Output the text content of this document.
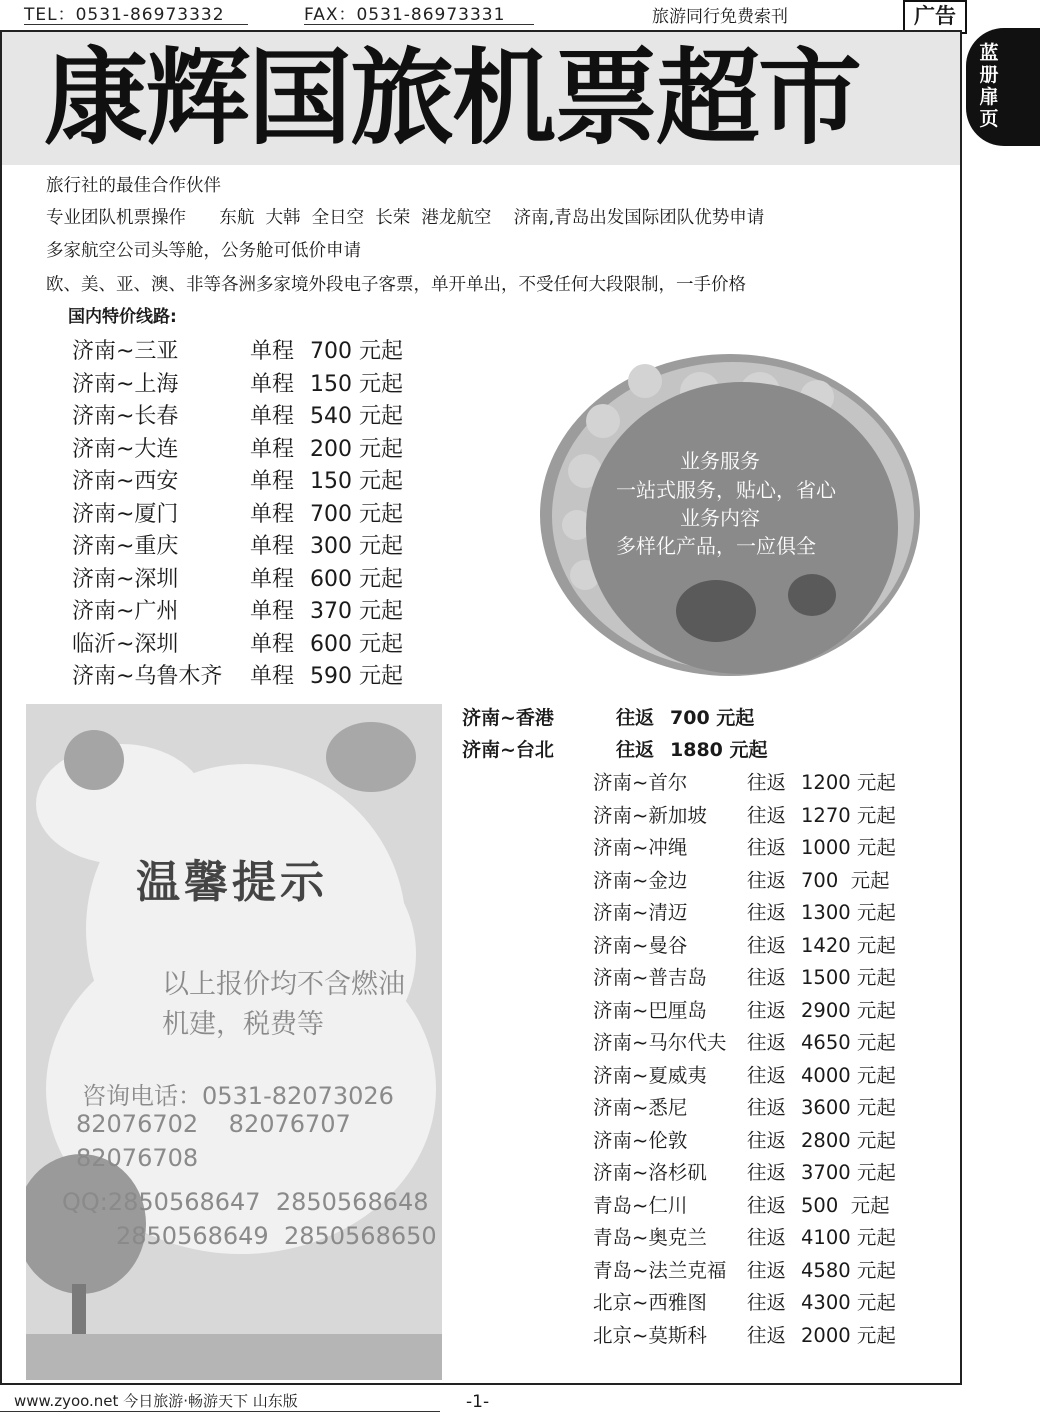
TEL：0531-86973332	FAX：0531-86973331	旅游同行免费索刊	广告
康辉国旅机票超市	蓝册扉页
旅行社的最佳合作伙伴
专业团队机票操作      东航  大韩  全日空  长荣  港龙航空    济南,青岛出发国际团队优势申请
多家航空公司头等舱，公务舱可低价申请
欧、美、亚、澳、非等各洲多家境外段电子客票，单开单出，不受任何大段限制，一手价格
国内特价线路:
济南~三亚	单程 700 元起
济南~上海	单程 150 元起
济南~长春	单程 540 元起
济南~大连	单程 200 元起
济南~西安	单程 150 元起
济南~厦门	单程 700 元起
济南~重庆	单程 300 元起
济南~深圳	单程 600 元起
济南~广州	单程 370 元起
临沂~深圳	单程 600 元起
济南~乌鲁木齐 单程 590 元起
业务服务
一站式服务，贴心，省心
业务内容
多样化产品，一应俱全
济南~香港	往返 700 元起
济南~台北	往返 1880 元起
济南~首尔	往返 1200 元起
济南~新加坡 往返 1270 元起
济南~冲绳	往返 1000 元起
济南~金边	往返 700  元起
济南~清迈	往返 1300 元起
济南~曼谷	往返 1420 元起
济南~普吉岛 往返 1500 元起
济南~巴厘岛 往返 2900 元起
济南~马尔代夫 往返 4650 元起
济南~夏威夷 往返 4000 元起
济南~悉尼	往返 3600 元起
济南~伦敦	往返 2800 元起
济南~洛杉矶 往返 3700 元起
青岛~仁川	往返 500  元起
青岛~奥克兰 往返 4100 元起
青岛~法兰克福 往返 4580 元起
北京~西雅图 往返 4300 元起
北京~莫斯科 往返 2000 元起
温馨提示
以上报价均不含燃油
机建，税费等
咨询电话：0531-82073026
82076702    82076707
82076708
QQ:2850568647  2850568648
2850568649  2850568650
www.zyoo.net 今日旅游·畅游天下 山东版	-1-
